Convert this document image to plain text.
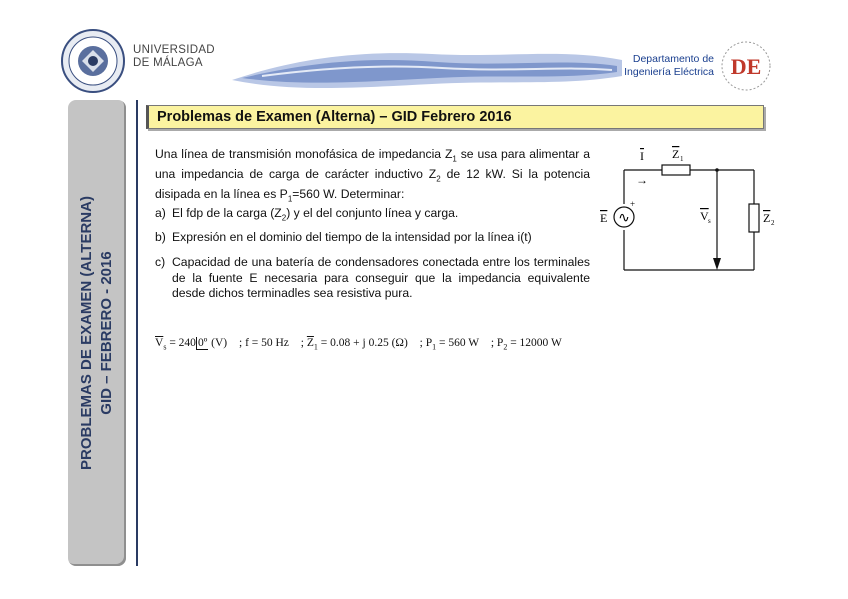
UNIVERSIDAD
DE MÁLAGA	Departamento de
Ingeniería Eléctrica DE
PROBLEMAS DE EXAMEN (ALTERNA) GID – FEBRERO - 2016
Problemas de Examen (Alterna) – GID Febrero 2016
Una línea de transmisión monofásica de impedancia $Z_1$ se usa para alimentar a una impedancia de carga de carácter inductivo $Z_2$ de 12 kW. Si la potencia disipada en la línea es $P_1=560$ W. Determinar:
a) El fdp de la carga $(Z_2)$ y el del conjunto línea y carga.
b) Expresión en el dominio del tiempo de la intensidad por la línea i(t)
c) Capacidad de una batería de condensadores conectada entre los terminales de la fuente E necesaria para conseguir que la impedancia equivalente desde dichos terminadles sea resistiva pura.
$\overline{V}_s = 240$ 0º (V) ; f = 50 Hz ; $\overline{Z}_1 = 0.08 + j$ 0.25 (Ω) ; $P_1 = 560$ W ; $P_2 = 12000$ W
∿
+
I
→
Z 1
Z 2
E	V s
